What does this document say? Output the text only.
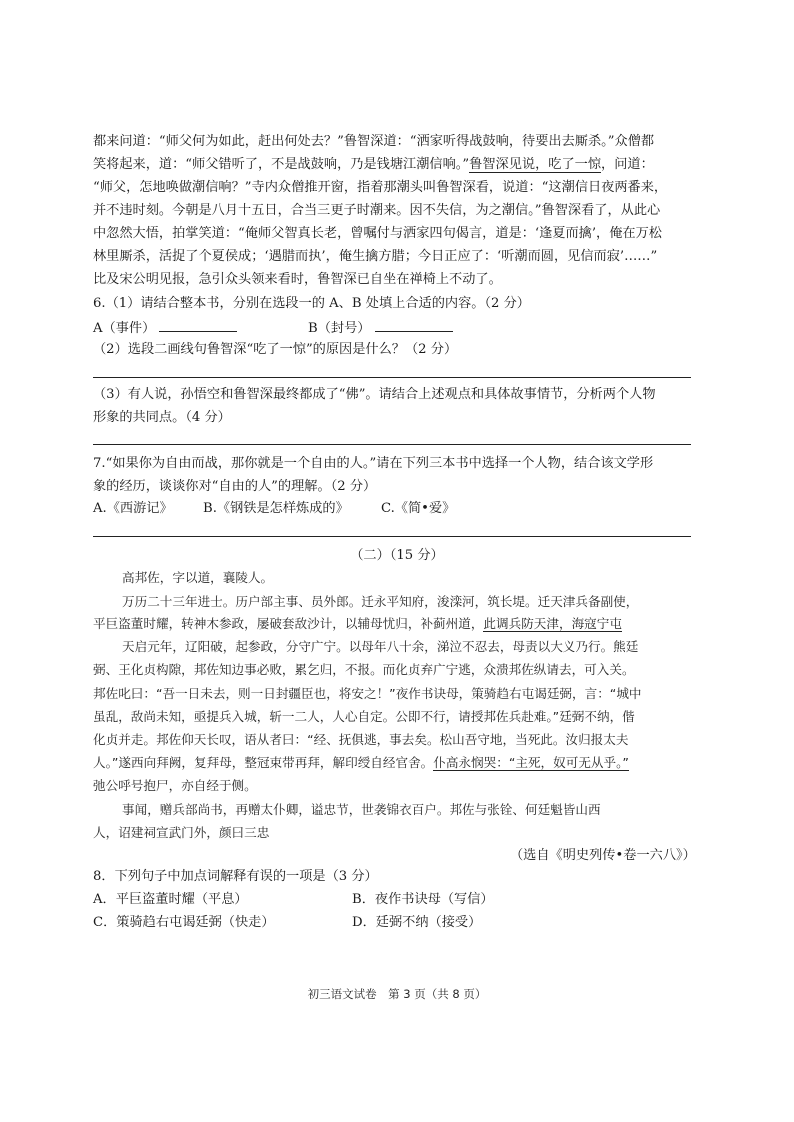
都来问道：“师父何为如此，赶出何处去？”鲁智深道：“洒家听得战鼓响，待要出去厮杀。”众僧都
笑将起来，道：“师父错听了，不是战鼓响，乃是钱塘江潮信响。”鲁智深见说，吃了一惊，问道：
“师父，怎地唤做潮信响？”寺内众僧推开窗，指着那潮头叫鲁智深看，说道：“这潮信日夜两番来，
并不违时刻。今朝是八月十五日，合当三更子时潮来。因不失信，为之潮信。”鲁智深看了，从此心
中忽然大悟，拍掌笑道：“俺师父智真长老，曾嘱付与洒家四句偈言，道是：‘逢夏而擒’，俺在万松
林里厮杀，活捉了个夏侯成；‘遇腊而执’，俺生擒方腊；今日正应了：‘听潮而圆，见信而寂’……”
比及宋公明见报，急引众头领来看时，鲁智深已自坐在禅椅上不动了。
6.（1）请结合整本书，分别在选段一的 A、B 处填上合适的内容。（2 分）
A（事件）	B（封号）
（2）选段二画线句鲁智深“吃了一惊”的原因是什么？（2 分）
（3）有人说，孙悟空和鲁智深最终都成了“佛”。请结合上述观点和具体故事情节，分析两个人物
形象的共同点。（4 分）
7.“如果你为自由而战，那你就是一个自由的人。”请在下列三本书中选择一个人物，结合该文学形
象的经历，谈谈你对“自由的人”的理解。（2 分）
A.《西游记》 B.《钢铁是怎样炼成的》 C.《简•爱》
（二）（15 分）
高邦佐，字以道，襄陵人。
万历二十三年进士。历户部主事、员外郎。迁永平知府，浚滦河，筑长堤。迁天津兵备副使，
平巨盗董时耀，转神木参政，屡破套敌沙计，以辅母忧归，补蓟州道，此调兵防天津，海寇宁屯
天启元年，辽阳破，起参政，分守广宁。以母年八十余，涕泣不忍去，母责以大义乃行。熊廷
弼、王化贞构隙，邦佐知边事必败，累乞归，不报。而化贞弃广宁逃，众溃邦佐纵请去，可入关。
邦佐叱曰：“吾一日未去，则一日封疆臣也，将安之！”夜作书诀母，策骑趋右屯谒廷弼，言：“城中
虽乱，敌尚未知，亟提兵入城，斩一二人，人心自定。公即不行，请授邦佐兵赴难。”廷弼不纳，偕
化贞并走。邦佐仰天长叹，语从者曰：“经、抚俱逃，事去矣。松山吾守地，当死此。汝归报太夫
人。”遂西向拜阙，复拜母，整冠束带再拜，解印绶自经官舍。仆高永悯哭：“主死，奴可无从乎。”
弛公呼号抱尸，亦自经于侧。
事闻，赠兵部尚书，再赠太仆卿，谥忠节，世袭锦衣百户。邦佐与张铨、何廷魁皆山西
人，诏建祠宣武门外，颜曰三忠
（选自《明史列传•卷一六八》）
8．下列句子中加点词解释有误的一项是（3 分）
A．平巨盗董时耀（平息）	B．夜作书诀母（写信）
C．策骑趋右屯谒廷弼（快走）	D．廷弼不纳（接受）
初三语文试卷　第 3 页（共 8 页）
